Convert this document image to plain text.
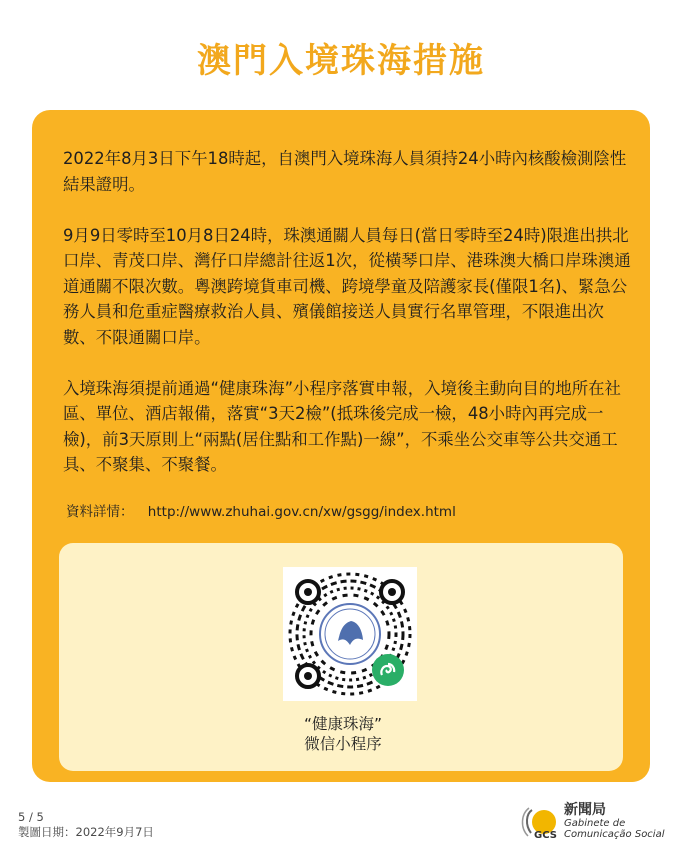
澳門入境珠海措施

2022年8月3日下午18時起，自澳門入境珠海人員須持24小時內核酸檢測陰性結果證明。

9月9日零時至10月8日24時，珠澳通關人員每日(當日零時至24時)限進出拱北口岸、青茂口岸、灣仔口岸總計往返1次，從橫琴口岸、港珠澳大橋口岸珠澳通道通關不限次數。粵澳跨境貨車司機、跨境學童及陪護家長(僅限1名)、緊急公務人員和危重症醫療救治人員、殯儀館接送人員實行名單管理，不限進出次數、不限通關口岸。

入境珠海須提前通過“健康珠海”小程序落實申報，入境後主動向目的地所在社區、單位、酒店報備，落實“3天2檢”(抵珠後完成一檢，48小時內再完成一檢)，前3天原則上“兩點(居住點和工作點)一線”，不乘坐公交車等公共交通工具、不聚集、不聚餐。

資料詳情： http://www.zhuhai.gov.cn/xw/gsgg/index.html
“健康珠海”
微信小程序
5 / 5
製圖日期：2022年9月7日	GCS
新聞局
Gabinete de
Comunicação Social
